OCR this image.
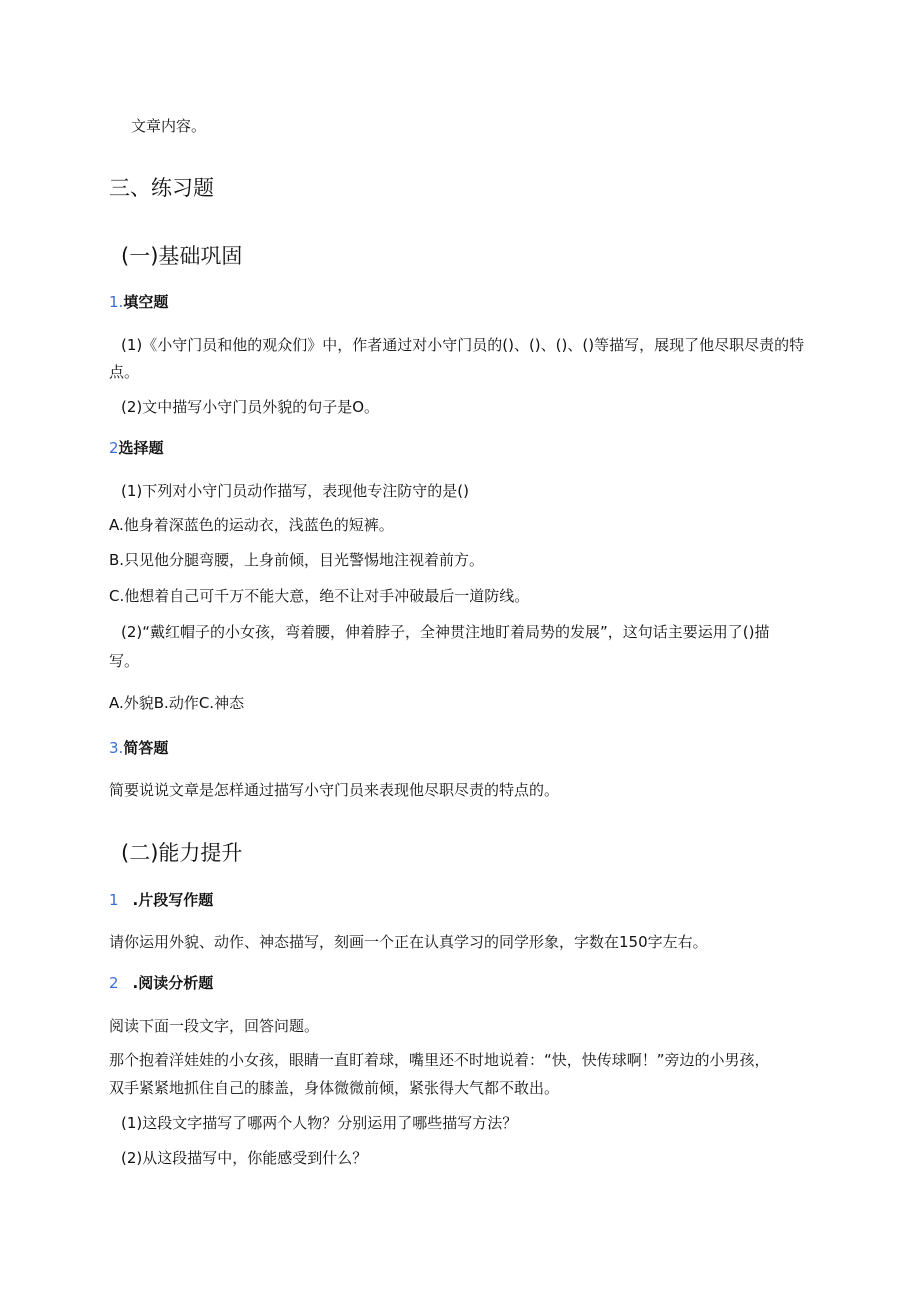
文章内容。
三、练习题
(一)基础巩固
1.填空题
(1)《小守门员和他的观众们》中，作者通过对小守门员的()、()、()、()等描写，展现了他尽职尽责的特
点。
(2)文中描写小守门员外貌的句子是O。
2选择题
(1)下列对小守门员动作描写，表现他专注防守的是()
A.他身着深蓝色的运动衣，浅蓝色的短裤。
B.只见他分腿弯腰，上身前倾，目光警惕地注视着前方。
C.他想着自己可千万不能大意，绝不让对手冲破最后一道防线。
(2)“戴红帽子的小女孩，弯着腰，伸着脖子，全神贯注地盯着局势的发展”，这句话主要运用了()描
写。
A.外貌B.动作C.神态
3.简答题
简要说说文章是怎样通过描写小守门员来表现他尽职尽责的特点的。
(二)能力提升
1 .片段写作题
请你运用外貌、动作、神态描写，刻画一个正在认真学习的同学形象，字数在150字左右。
2 .阅读分析题
阅读下面一段文字，回答问题。
那个抱着洋娃娃的小女孩，眼睛一直盯着球，嘴里还不时地说着：“快，快传球啊！”旁边的小男孩，
双手紧紧地抓住自己的膝盖，身体微微前倾，紧张得大气都不敢出。
(1)这段文字描写了哪两个人物？分别运用了哪些描写方法？
(2)从这段描写中，你能感受到什么？
